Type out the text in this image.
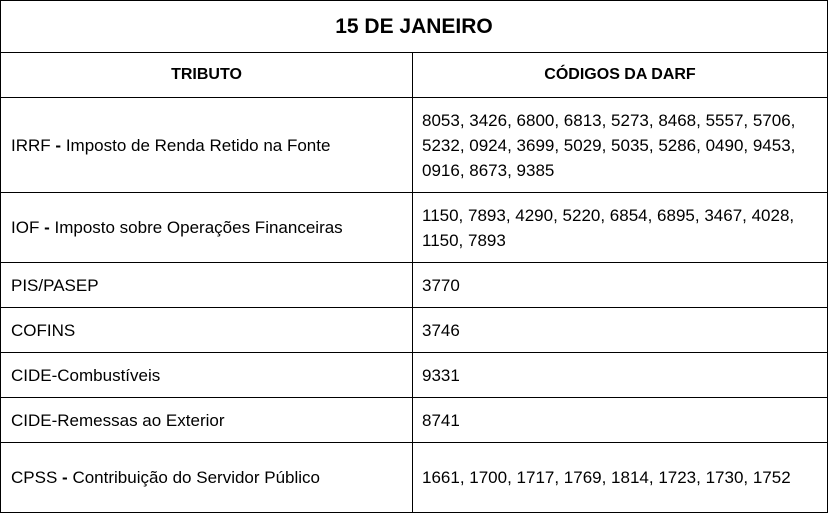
15 DE JANEIRO	
TRIBUTO	CÓDIGOS DA DARF
IRRF - Imposto de Renda Retido na Fonte	8053, 3426, 6800, 6813, 5273, 8468, 5557, 5706, 5232, 0924, 3699, 5029, 5035, 5286, 0490, 9453, 0916, 8673, 9385
IOF - Imposto sobre Operações Financeiras	1150, 7893, 4290, 5220, 6854, 6895, 3467, 4028, 1150, 7893
PIS/PASEP	3770
COFINS	3746
CIDE-Combustíveis	9331
CIDE-Remessas ao Exterior	8741
CPSS - Contribuição do Servidor Público	1661, 1700, 1717, 1769, 1814, 1723, 1730, 1752
